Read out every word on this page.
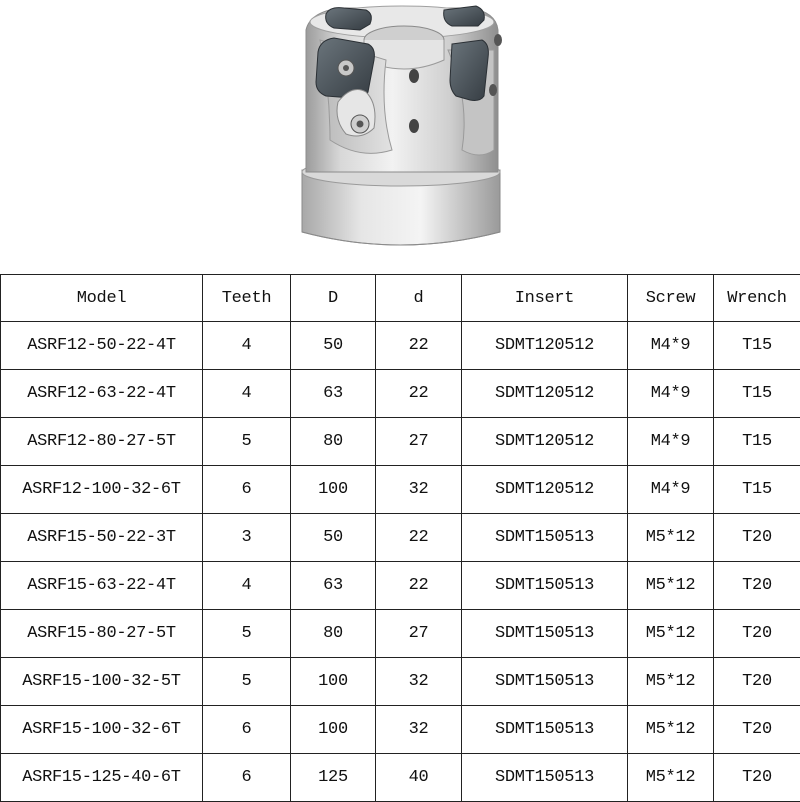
Model	Teeth	D	d	Insert	Screw	Wrench
ASRF12-50-22-4T	4	50	22	SDMT120512	M4*9	T15
ASRF12-63-22-4T	4	63	22	SDMT120512	M4*9	T15
ASRF12-80-27-5T	5	80	27	SDMT120512	M4*9	T15
ASRF12-100-32-6T	6	100	32	SDMT120512	M4*9	T15
ASRF15-50-22-3T	3	50	22	SDMT150513	M5*12	T20
ASRF15-63-22-4T	4	63	22	SDMT150513	M5*12	T20
ASRF15-80-27-5T	5	80	27	SDMT150513	M5*12	T20
ASRF15-100-32-5T	5	100	32	SDMT150513	M5*12	T20
ASRF15-100-32-6T	6	100	32	SDMT150513	M5*12	T20
ASRF15-125-40-6T	6	125	40	SDMT150513	M5*12	T20
